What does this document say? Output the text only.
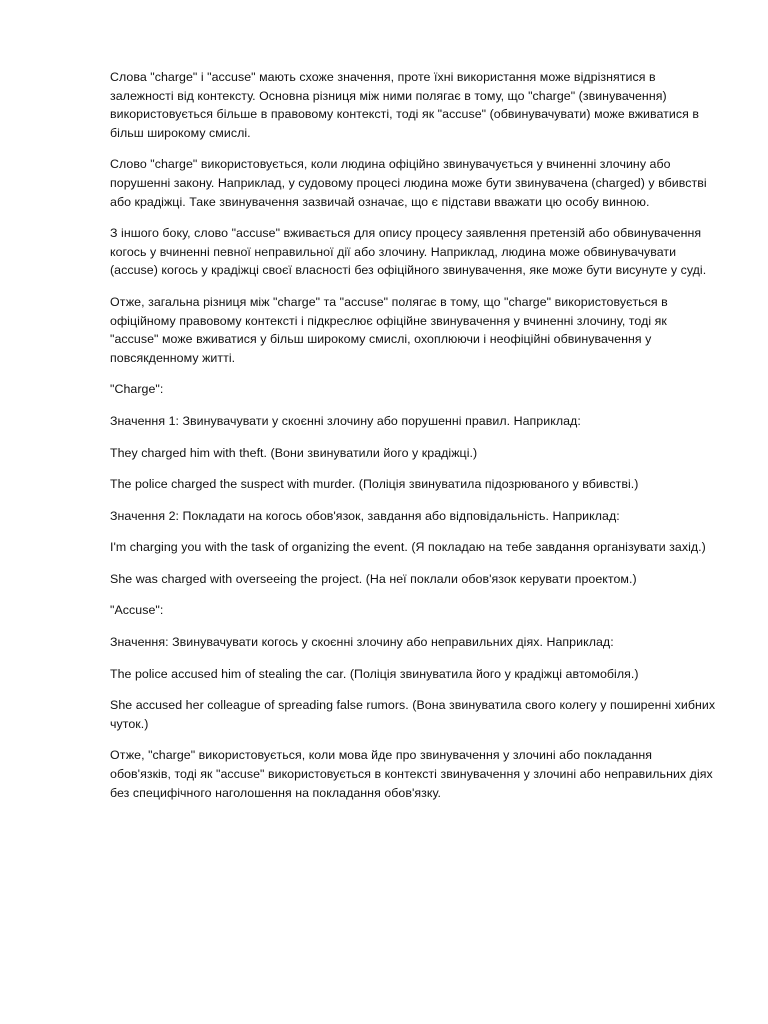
Слова "charge" і "accuse" мають схоже значення, проте їхні використання може відрізнятися в залежності від контексту. Основна різниця між ними полягає в тому, що "charge" (звинувачення) використовується більше в правовому контексті, тоді як "accuse" (обвинувачувати) може вживатися в більш широкому смислі.

Слово "charge" використовується, коли людина офіційно звинувачується у вчиненні злочину або порушенні закону. Наприклад, у судовому процесі людина може бути звинувачена (charged) у вбивстві або крадіжці. Таке звинувачення зазвичай означає, що є підстави вважати цю особу винною.

З іншого боку, слово "accuse" вживається для опису процесу заявлення претензій або обвинувачення когось у вчиненні певної неправильної дії або злочину. Наприклад, людина може обвинувачувати (accuse) когось у крадіжці своєї власності без офіційного звинувачення, яке може бути висунуте у суді.

Отже, загальна різниця між "charge" та "accuse" полягає в тому, що "charge" використовується в офіційному правовому контексті і підкреслює офіційне звинувачення у вчиненні злочину, тоді як "accuse" може вживатися у більш широкому смислі, охоплюючи і неофіційні обвинувачення у повсякденному житті.

"Charge":

Значення 1: Звинувачувати у скоєнні злочину або порушенні правил. Наприклад:

They charged him with theft. (Вони звинуватили його у крадіжці.)

The police charged the suspect with murder. (Поліція звинуватила підозрюваного у вбивстві.)

Значення 2: Покладати на когось обов'язок, завдання або відповідальність. Наприклад:

I'm charging you with the task of organizing the event. (Я покладаю на тебе завдання організувати захід.)

She was charged with overseeing the project. (На неї поклали обов'язок керувати проектом.)

"Accuse":

Значення: Звинувачувати когось у скоєнні злочину або неправильних діях. Наприклад:

The police accused him of stealing the car. (Поліція звинуватила його у крадіжці автомобіля.)

She accused her colleague of spreading false rumors. (Вона звинуватила свого колегу у поширенні хибних чуток.)

Отже, "charge" використовується, коли мова йде про звинувачення у злочині або покладання обов'язків, тоді як "accuse" використовується в контексті звинувачення у злочині або неправильних діях без специфічного наголошення на покладання обов'язку.
